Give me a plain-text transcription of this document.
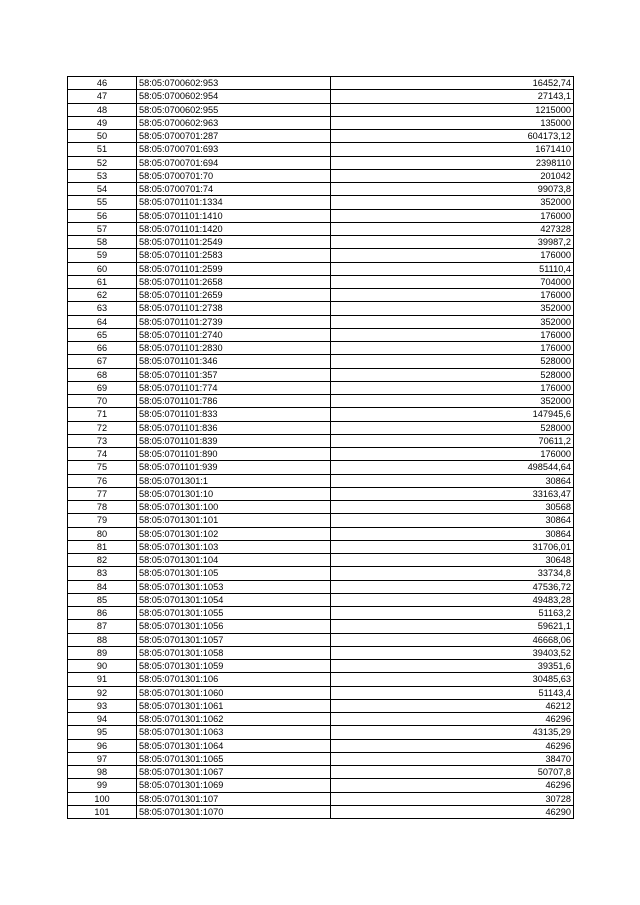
46	58:05:0700602:953	16452,74
47	58:05:0700602:954	27143,1
48	58:05:0700602:955	1215000
49	58:05:0700602:963	135000
50	58:05:0700701:287	604173,12
51	58:05:0700701:693	1671410
52	58:05:0700701:694	2398110
53	58:05:0700701:70	201042
54	58:05:0700701:74	99073,8
55	58:05:0701101:1334	352000
56	58:05:0701101:1410	176000
57	58:05:0701101:1420	427328
58	58:05:0701101:2549	39987,2
59	58:05:0701101:2583	176000
60	58:05:0701101:2599	51110,4
61	58:05:0701101:2658	704000
62	58:05:0701101:2659	176000
63	58:05:0701101:2738	352000
64	58:05:0701101:2739	352000
65	58:05:0701101:2740	176000
66	58:05:0701101:2830	176000
67	58:05:0701101:346	528000
68	58:05:0701101:357	528000
69	58:05:0701101:774	176000
70	58:05:0701101:786	352000
71	58:05:0701101:833	147945,6
72	58:05:0701101:836	528000
73	58:05:0701101:839	70611,2
74	58:05:0701101:890	176000
75	58:05:0701101:939	498544,64
76	58:05:0701301:1	30864
77	58:05:0701301:10	33163,47
78	58:05:0701301:100	30568
79	58:05:0701301:101	30864
80	58:05:0701301:102	30864
81	58:05:0701301:103	31706,01
82	58:05:0701301:104	30648
83	58:05:0701301:105	33734,8
84	58:05:0701301:1053	47536,72
85	58:05:0701301:1054	49483,28
86	58:05:0701301:1055	51163,2
87	58:05:0701301:1056	59621,1
88	58:05:0701301:1057	46668,06
89	58:05:0701301:1058	39403,52
90	58:05:0701301:1059	39351,6
91	58:05:0701301:106	30485,63
92	58:05:0701301:1060	51143,4
93	58:05:0701301:1061	46212
94	58:05:0701301:1062	46296
95	58:05:0701301:1063	43135,29
96	58:05:0701301:1064	46296
97	58:05:0701301:1065	38470
98	58:05:0701301:1067	50707,8
99	58:05:0701301:1069	46296
100	58:05:0701301:107	30728
101	58:05:0701301:1070	46290
